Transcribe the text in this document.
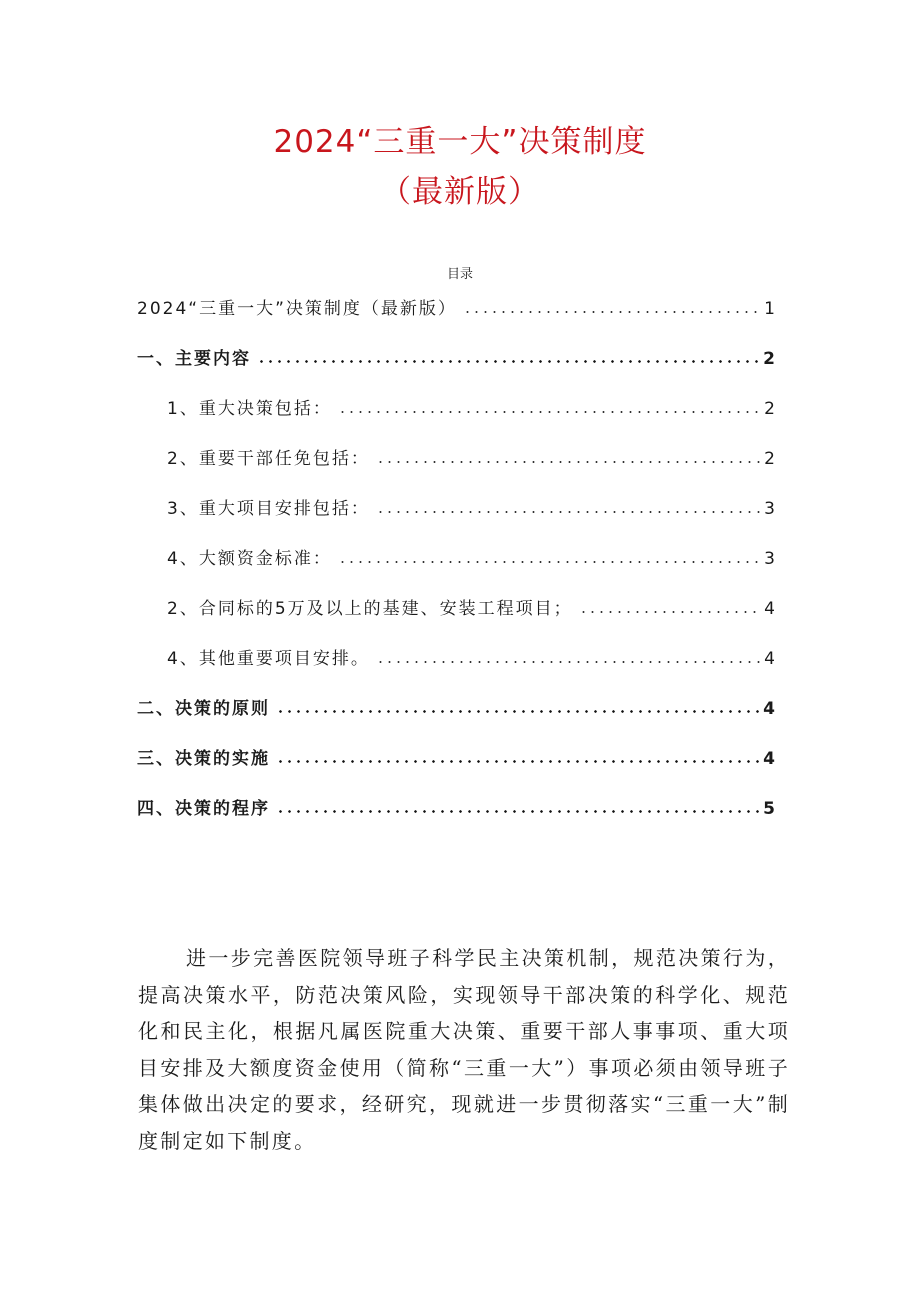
2024“三重一大”决策制度
（最新版）
目录
2024“三重一大”决策制度（最新版）	1
一、主要内容	2
1、重大决策包括：	2
2、重要干部任免包括：	2
3、重大项目安排包括：	3
4、大额资金标准：	3
2、合同标的5万及以上的基建、安装工程项目；	4
4、其他重要项目安排。	4
二、决策的原则	4
三、决策的实施	4
四、决策的程序	5

进一步完善医院领导班子科学民主决策机制，规范决策行为，提高决策水平，防范决策风险，实现领导干部决策的科学化、规范化和民主化，根据凡属医院重大决策、重要干部人事事项、重大项目安排及大额度资金使用（简称“三重一大”）事项必须由领导班子集体做出决定的要求，经研究，现就进一步贯彻落实“三重一大”制度制定如下制度。
